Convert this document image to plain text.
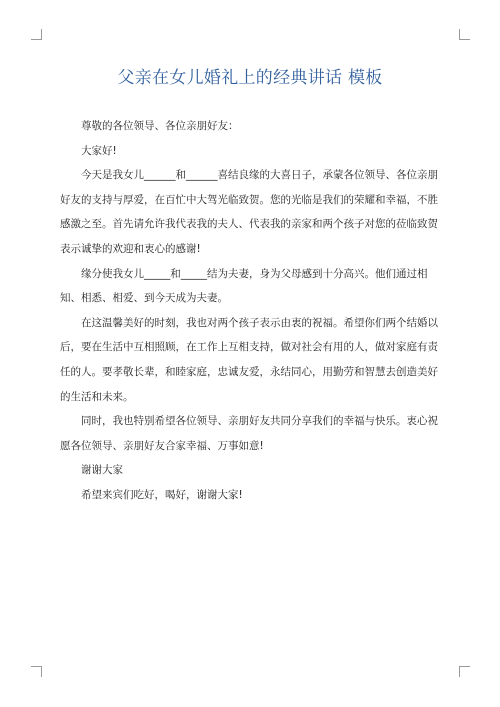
父亲在女儿婚礼上的经典讲话 模板

尊敬的各位领导、各位亲朋好友：

大家好!

今天是我女儿______和______喜结良缘的大喜日子，承蒙各位领导、各位亲朋好友的支持与厚爱，在百忙中大驾光临致贺。您的光临是我们的荣耀和幸福，不胜感激之至。首先请允许我代表我的夫人、代表我的亲家和两个孩子对您的莅临致贺表示诚挚的欢迎和衷心的感谢!

缘分使我女儿_____和_____结为夫妻，身为父母感到十分高兴。他们通过相知、相悉、相爱、到今天成为夫妻。

在这温馨美好的时刻，我也对两个孩子表示由衷的祝福。希望你们两个结婚以后，要在生活中互相照顾，在工作上互相支持，做对社会有用的人，做对家庭有责任的人。要孝敬长辈，和睦家庭，忠诚友爱，永结同心，用勤劳和智慧去创造美好的生活和未来。

同时，我也特别希望各位领导、亲朋好友共同分享我们的幸福与快乐。衷心祝愿各位领导、亲朋好友合家幸福、万事如意!

谢谢大家

希望来宾们吃好，喝好，谢谢大家!
